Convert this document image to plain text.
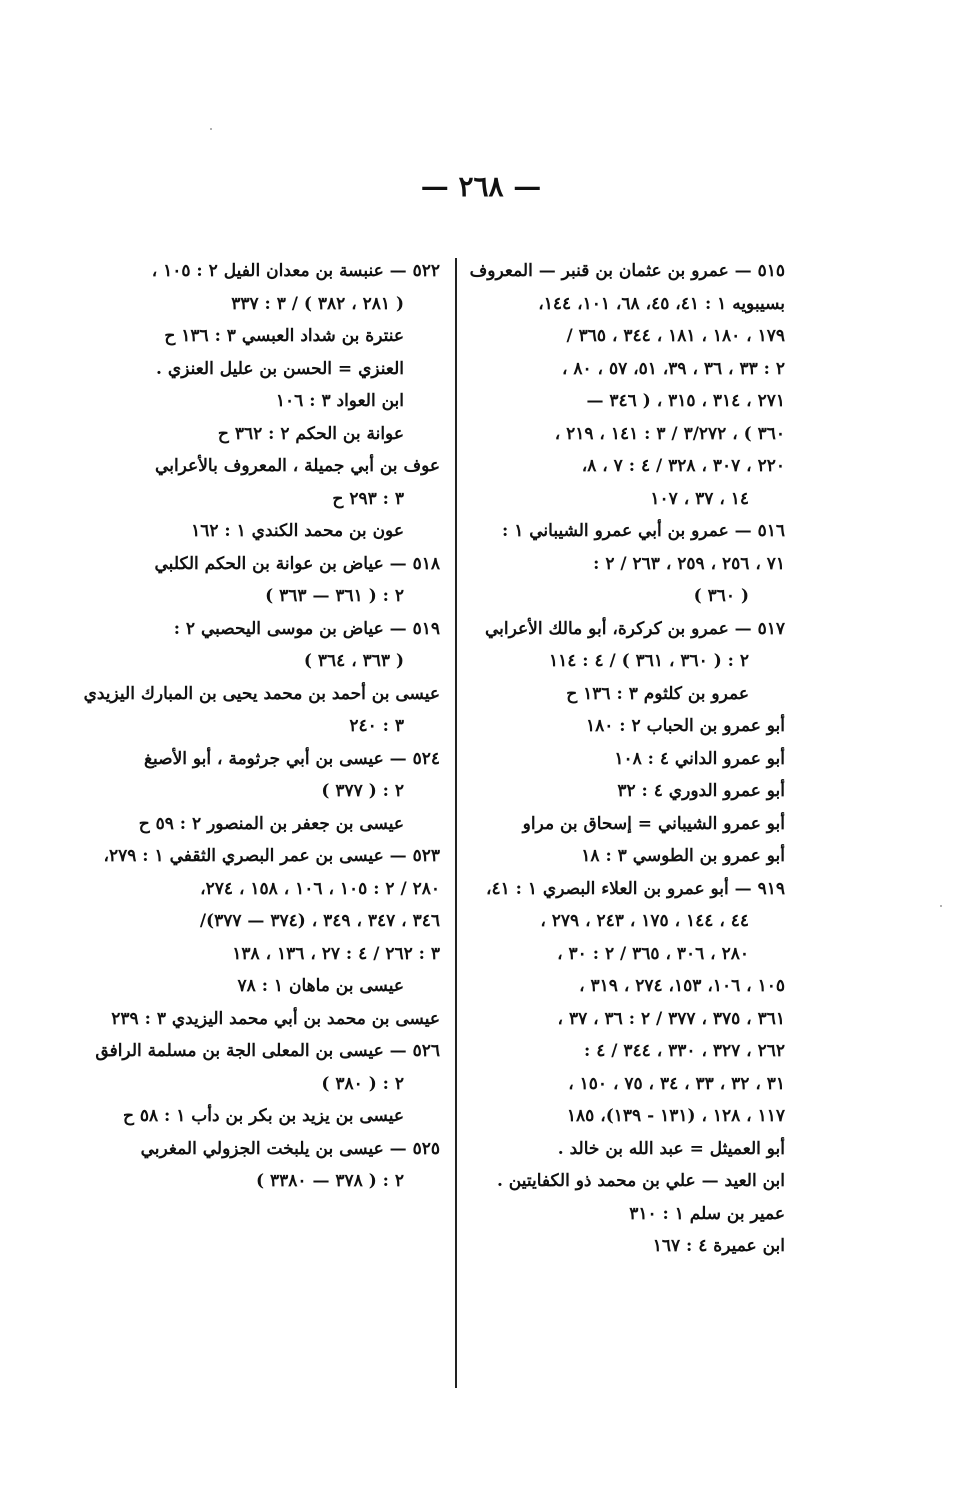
— ٢٦٨ —
٥١٥ — عمرو بن عثمان بن قنبر — المعروف
بسيبويه ١ : ٤١، ٤٥، ٦٨، ١٠١، ١٤٤،
١٧٩ ، ١٨٠ ، ١٨١ ، ٣٤٤ ، ٣٦٥ /
٢ : ٣٣ ، ٣٦ ، ٣٩، ٥١، ٥٧ ، ٨٠ ،
٢٧١ ، ٣١٤ ، ٣١٥ ، ( ٣٤٦ —
٣٦٠ ) ، ٣/٢٧٢ / ٣ : ١٤١ ، ٢١٩ ،
٢٢٠ ، ٣٠٧ ، ٣٢٨ / ٤ : ٧ ، ٨،
١٤ ، ٣٧ ، ١٠٧
٥١٦ — عمرو بن أبي عمرو الشيباني ١ :
٧١ ، ٢٥٦ ، ٢٥٩ ، ٢٦٣ / ٢ :
( ٣٦٠ )
٥١٧ — عمرو بن كركرة، أبو مالك الأعرابي
٢ : ( ٣٦٠ ، ٣٦١ ) / ٤ : ١١٤
عمرو بن كلثوم ٣ : ١٣٦ ح
أبو عمرو بن الحباب ٢ : ١٨٠
أبو عمرو الداني ٤ : ١٠٨
أبو عمرو الدوري ٤ : ٣٢
أبو عمرو الشيباني = إسحاق بن مراو
أبو عمرو بن الطوسي ٣ : ١٨
٩١٩ — أبو عمرو بن العلاء البصري ١ : ٤١،
٤٤ ، ١٤٤ ، ١٧٥ ، ٢٤٣ ، ٢٧٩ ،
٢٨٠ ، ٣٠٦ ، ٣٦٥ / ٢ : ٣٠ ،
١٠٥ ، ١٠٦، ١٥٣، ٢٧٤ ، ٣١٩ ،
٣٦١ ، ٣٧٥ ، ٣٧٧ / ٢ : ٣٦ ، ٣٧ ،
٢٦٢ ، ٣٢٧ ، ٣٣٠ ، ٣٤٤ / ٤ :
٣١ ، ٣٢ ، ٣٣ ، ٣٤ ، ٧٥ ، ١٥٠ ،
١١٧ ، ١٢٨ ، (١٣١ - ١٣٩)، ١٨٥
أبو العميثل = عبد الله بن خالد .
ابن العيد — علي بن محمد ذو الكفايتين .
عمير بن سلم ١ : ٣١٠
ابن عميرة ٤ : ١٦٧
٥٢٢ — عنبسة بن معدان الفيل ٢ : ١٠٥ ،
( ٢٨١ ، ٣٨٢ ) / ٣ : ٣٣٧
عنترة بن شداد العبسي ٣ : ١٣٦ ح
العنزي = الحسن بن عليل العنزي .
ابن العواد ٣ : ١٠٦
عوانة بن الحكم ٢ : ٣٦٢ ح
عوف بن أبي جميلة ، المعروف بالأعرابي
٣ : ٢٩٣ ح
عون بن محمد الكندي ١ : ١٦٢
٥١٨ — عياض بن عوانة بن الحكم الكلبي
٢ : ( ٣٦١ — ٣٦٣ )
٥١٩ — عياض بن موسى اليحصبي ٢ :
( ٣٦٣ ، ٣٦٤ )
عيسى بن أحمد بن محمد يحيى بن المبارك اليزيدي
٣ : ٢٤٠
٥٢٤ — عيسى بن أبي جرثومة ، أبو الأصبغ
٢ : ( ٣٧٧ )
عيسى بن جعفر بن المنصور ٢ : ٥٩ ح
٥٢٣ — عيسى بن عمر البصري الثقفي ١ : ٢٧٩،
٢٨٠ / ٢ : ١٠٥ ، ١٠٦ ، ١٥٨ ، ٢٧٤،
٣٤٦ ، ٣٤٧ ، ٣٤٩ ، (٣٧٤ — ٣٧٧)/
٣ : ٢٦٢ / ٤ : ٢٧ ، ١٣٦ ، ١٣٨
عيسى بن ماهان ١ : ٧٨
عيسى بن محمد بن أبي محمد اليزيدي ٣ : ٢٣٩
٥٢٦ — عيسى بن المعلى الجة بن مسلمة الرافق
٢ : ( ٣٨٠ )
عيسى بن يزيد بن بكر بن دأب ١ : ٥٨ ح
٥٢٥ — عيسى بن يلبخت الجزولي المغربي
٢ : ( ٣٧٨ — ٣٣٨٠ )
